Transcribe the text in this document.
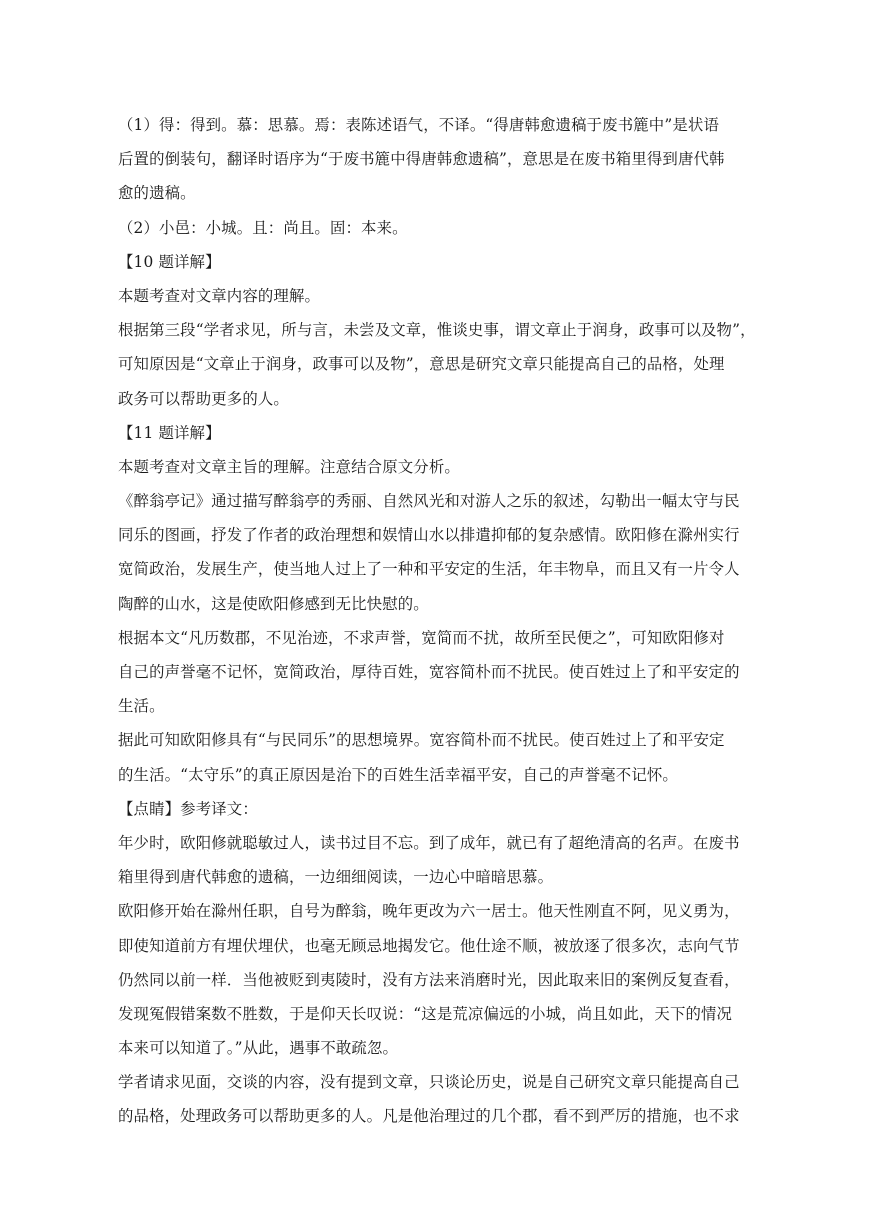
（1）得：得到。慕：思慕。焉：表陈述语气，不译。“得唐韩愈遗稿于废书簏中”是状语
后置的倒装句，翻译时语序为“于废书簏中得唐韩愈遗稿”，意思是在废书箱里得到唐代韩
愈的遗稿。
（2）小邑：小城。且：尚且。固：本来。
【10 题详解】
本题考查对文章内容的理解。
根据第三段“学者求见，所与言，未尝及文章，惟谈史事，谓文章止于润身，政事可以及物”，
可知原因是“文章止于润身，政事可以及物”，意思是研究文章只能提高自己的品格，处理
政务可以帮助更多的人。
【11 题详解】
本题考查对文章主旨的理解。注意结合原文分析。
《醉翁亭记》通过描写醉翁亭的秀丽、自然风光和对游人之乐的叙述，勾勒出一幅太守与民
同乐的图画，抒发了作者的政治理想和娱情山水以排遣抑郁的复杂感情。欧阳修在滁州实行
宽简政治，发展生产，使当地人过上了一种和平安定的生活，年丰物阜，而且又有一片令人
陶醉的山水，这是使欧阳修感到无比快慰的。
根据本文“凡历数郡，不见治迹，不求声誉，宽简而不扰，故所至民便之”，可知欧阳修对
自己的声誉毫不记怀，宽简政治，厚待百姓，宽容简朴而不扰民。使百姓过上了和平安定的
生活。
据此可知欧阳修具有“与民同乐”的思想境界。宽容简朴而不扰民。使百姓过上了和平安定
的生活。“太守乐”的真正原因是治下的百姓生活幸福平安，自己的声誉毫不记怀。
【点睛】参考译文：
年少时，欧阳修就聪敏过人，读书过目不忘。到了成年，就已有了超绝清高的名声。在废书
箱里得到唐代韩愈的遗稿，一边细细阅读，一边心中暗暗思慕。
欧阳修开始在滁州任职，自号为醉翁，晚年更改为六一居士。他天性刚直不阿，见义勇为，
即使知道前方有埋伏埋伏，也毫无顾忌地揭发它。他仕途不顺，被放逐了很多次，志向气节
仍然同以前一样．当他被贬到夷陵时，没有方法来消磨时光，因此取来旧的案例反复查看，
发现冤假错案数不胜数，于是仰天长叹说：“这是荒凉偏远的小城，尚且如此，天下的情况
本来可以知道了。”从此，遇事不敢疏忽。
学者请求见面，交谈的内容，没有提到文章，只谈论历史，说是自己研究文章只能提高自己
的品格，处理政务可以帮助更多的人。凡是他治理过的几个郡，看不到严厉的措施，也不求
